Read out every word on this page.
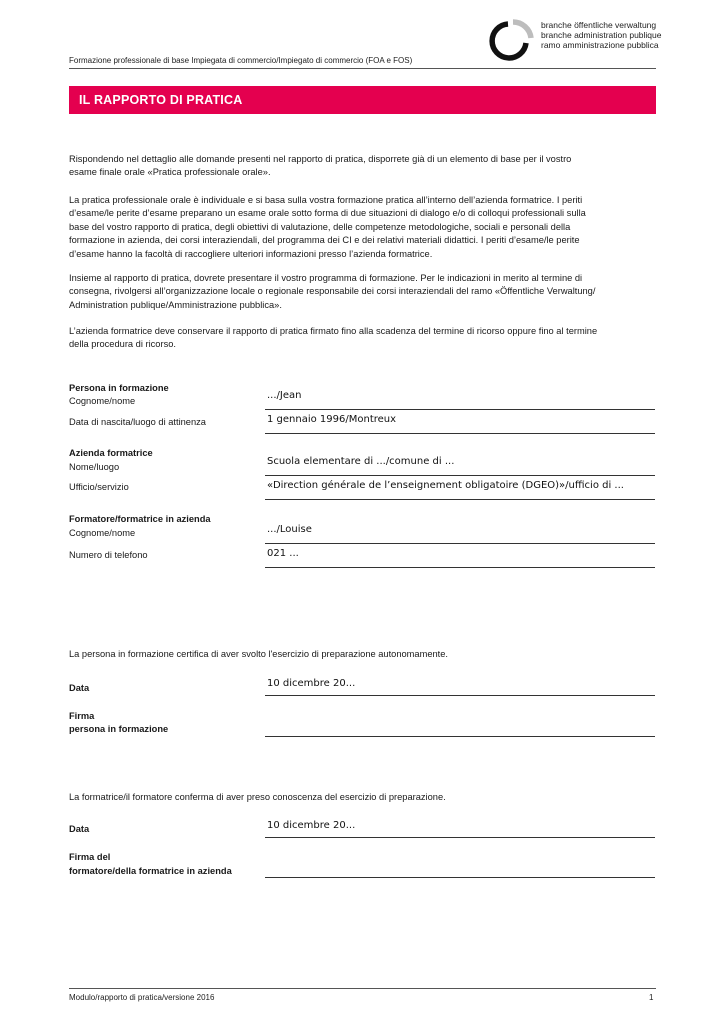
branche öffentliche verwaltung
branche administration publique
ramo amministrazione pubblica
Formazione professionale di base Impiegata di commercio/Impiegato di commercio (FOA e FOS)
IL RAPPORTO DI PRATICA
Rispondendo nel dettaglio alle domande presenti nel rapporto di pratica, disporrete già di un elemento di base per il vostro
esame finale orale «Pratica professionale orale».
La pratica professionale orale è individuale e si basa sulla vostra formazione pratica all’interno dell’azienda formatrice. I periti
d’esame/le perite d’esame preparano un esame orale sotto forma di due situazioni di dialogo e/o di colloqui professionali sulla
base del vostro rapporto di pratica, degli obiettivi di valutazione, delle competenze metodologiche, sociali e personali della
formazione in azienda, dei corsi interaziendali, del programma dei CI e dei relativi materiali didattici. I periti d’esame/le perite
d’esame hanno la facoltà di raccogliere ulteriori informazioni presso l’azienda formatrice.
Insieme al rapporto di pratica, dovrete presentare il vostro programma di formazione. Per le indicazioni in merito al termine di
consegna, rivolgersi all’organizzazione locale o regionale responsabile dei corsi interaziendali del ramo «Öffentliche Verwaltung/
Administration publique/Amministrazione pubblica».
L’azienda formatrice deve conservare il rapporto di pratica firmato fino alla scadenza del termine di ricorso oppure fino al termine
della procedura di ricorso.
Persona in formazione
Cognome/nome	.../Jean
Data di nascita/luogo di attinenza	1 gennaio 1996/Montreux
Azienda formatrice
Nome/luogo	Scuola elementare di .../comune di ...
Ufficio/servizio	«Direction générale de l’enseignement obligatoire (DGEO)»/ufficio di ...
Formatore/formatrice in azienda
Cognome/nome	.../Louise
Numero di telefono	021 ...
La persona in formazione certifica di aver svolto l'esercizio di preparazione autonomamente.
Data	10 dicembre 20...
Firma
persona in formazione
La formatrice/il formatore conferma di aver preso conoscenza del esercizio di preparazione.
Data	10 dicembre 20...
Firma del
formatore/della formatrice in azienda
Modulo/rapporto di pratica/versione 2016	1
